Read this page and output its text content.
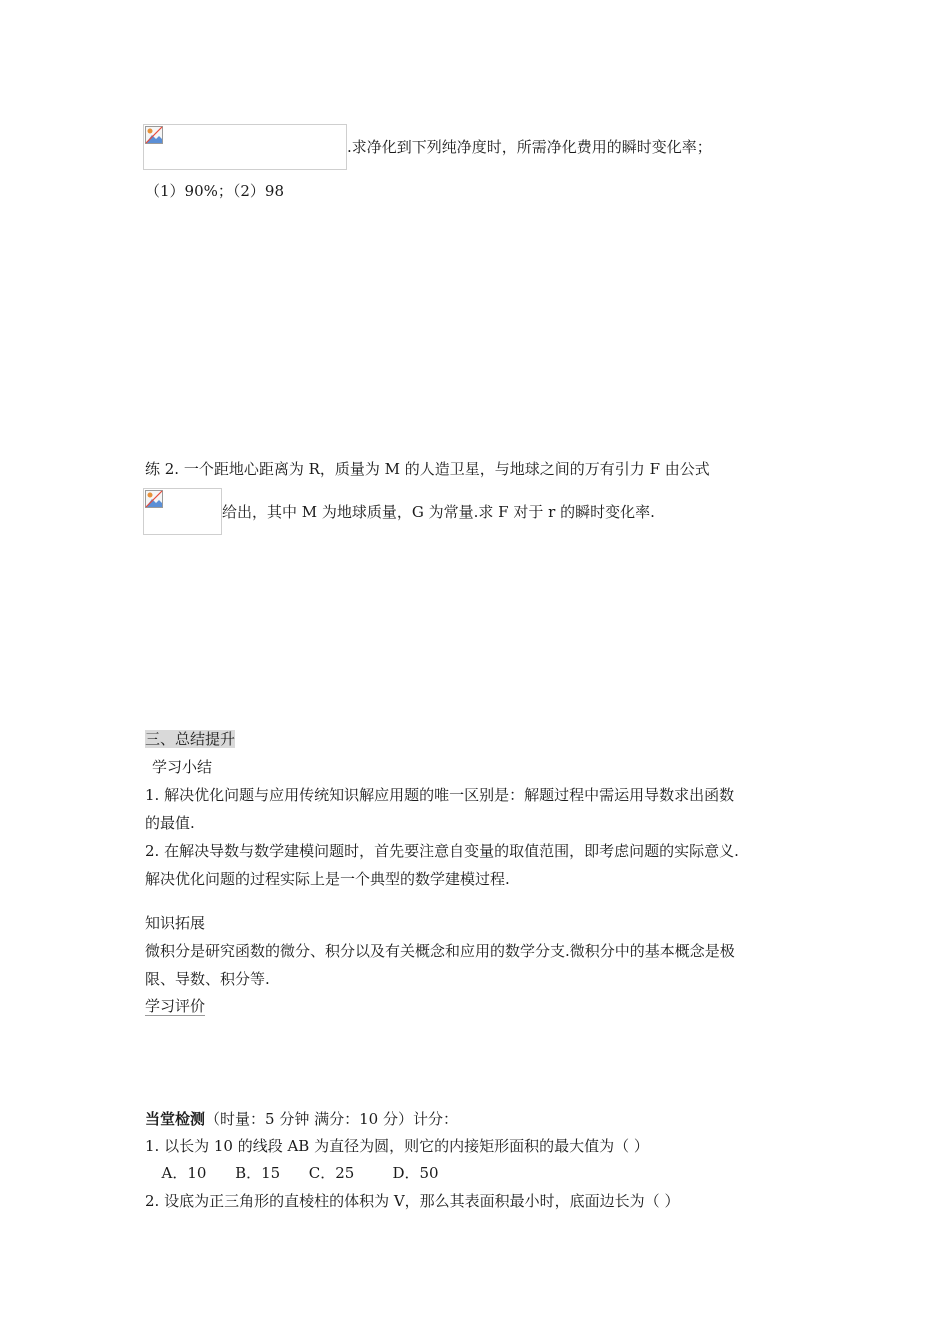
.求净化到下列纯净度时，所需净化费用的瞬时变化率；
（1）90%；（2）98
练 2. 一个距地心距离为 R，质量为 M 的人造卫星，与地球之间的万有引力 F 由公式
给出，其中 M 为地球质量，G 为常量.求 F 对于 r 的瞬时变化率.
三、总结提升
学习小结
1. 解决优化问题与应用传统知识解应用题的唯一区别是：解题过程中需运用导数求出函数
的最值.
2. 在解决导数与数学建模问题时，首先要注意自变量的取值范围，即考虑问题的实际意义.
解决优化问题的过程实际上是一个典型的数学建模过程.
知识拓展
微积分是研究函数的微分、积分以及有关概念和应用的数学分支.微积分中的基本概念是极
限、导数、积分等.
学习评价
当堂检测（时量：5 分钟 满分：10 分）计分：
1. 以长为 10 的线段 AB 为直径为圆，则它的内接矩形面积的最大值为（ ）
A．10      B．15      C．25        D．50
2. 设底为正三角形的直棱柱的体积为 V，那么其表面积最小时，底面边长为（ ）
